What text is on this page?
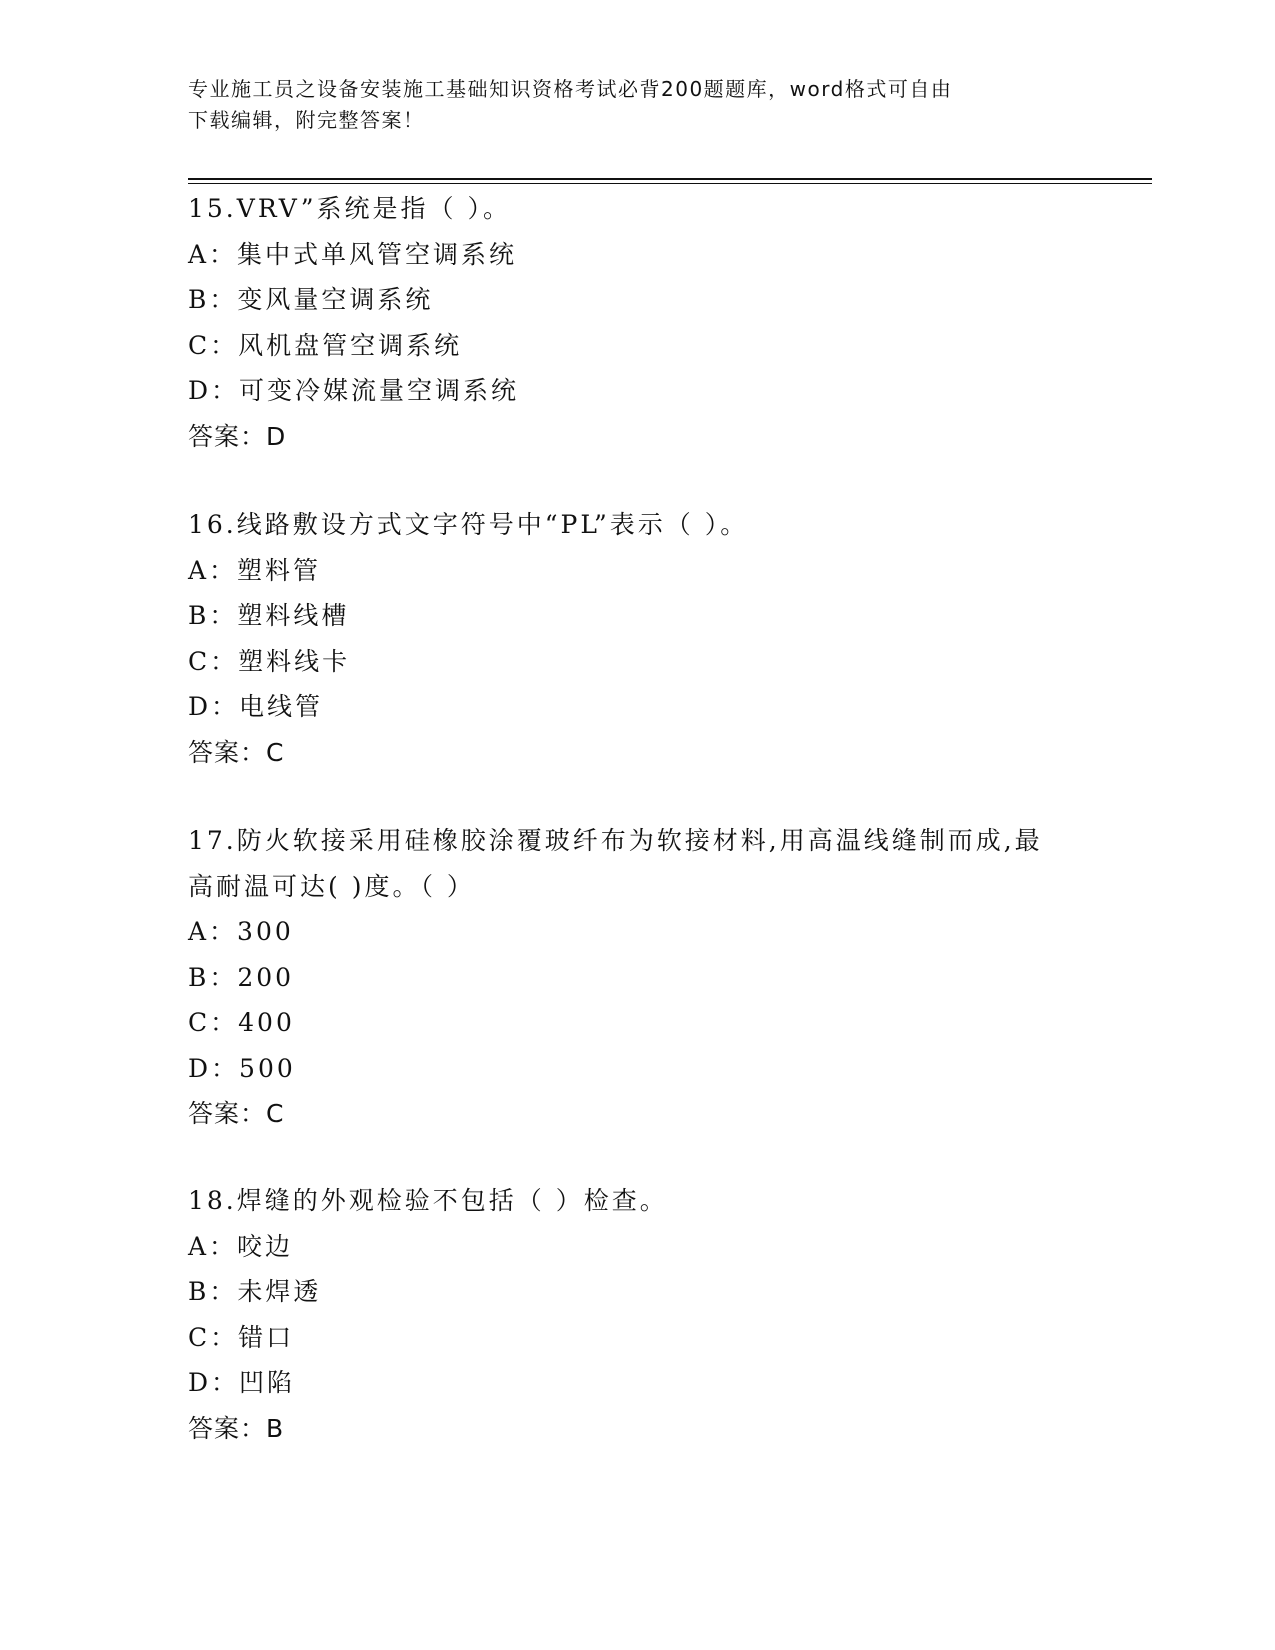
专业施工员之设备安装施工基础知识资格考试必背200题题库，word格式可自由
下载编辑，附完整答案！
15.VRV”系统是指（ ）。
A：集中式单风管空调系统
B：变风量空调系统
C：风机盘管空调系统
D：可变冷媒流量空调系统
答案：D
16.线路敷设方式文字符号中“PL”表示（ ）。
A：塑料管
B：塑料线槽
C：塑料线卡
D：电线管
答案：C
17.防火软接采用硅橡胶涂覆玻纤布为软接材料,用高温线缝制而成,最
高耐温可达( )度。（ ）
A：300
B：200
C：400
D：500
答案：C
18.焊缝的外观检验不包括（ ）检查。
A：咬边
B：未焊透
C：错口
D：凹陷
答案：B
